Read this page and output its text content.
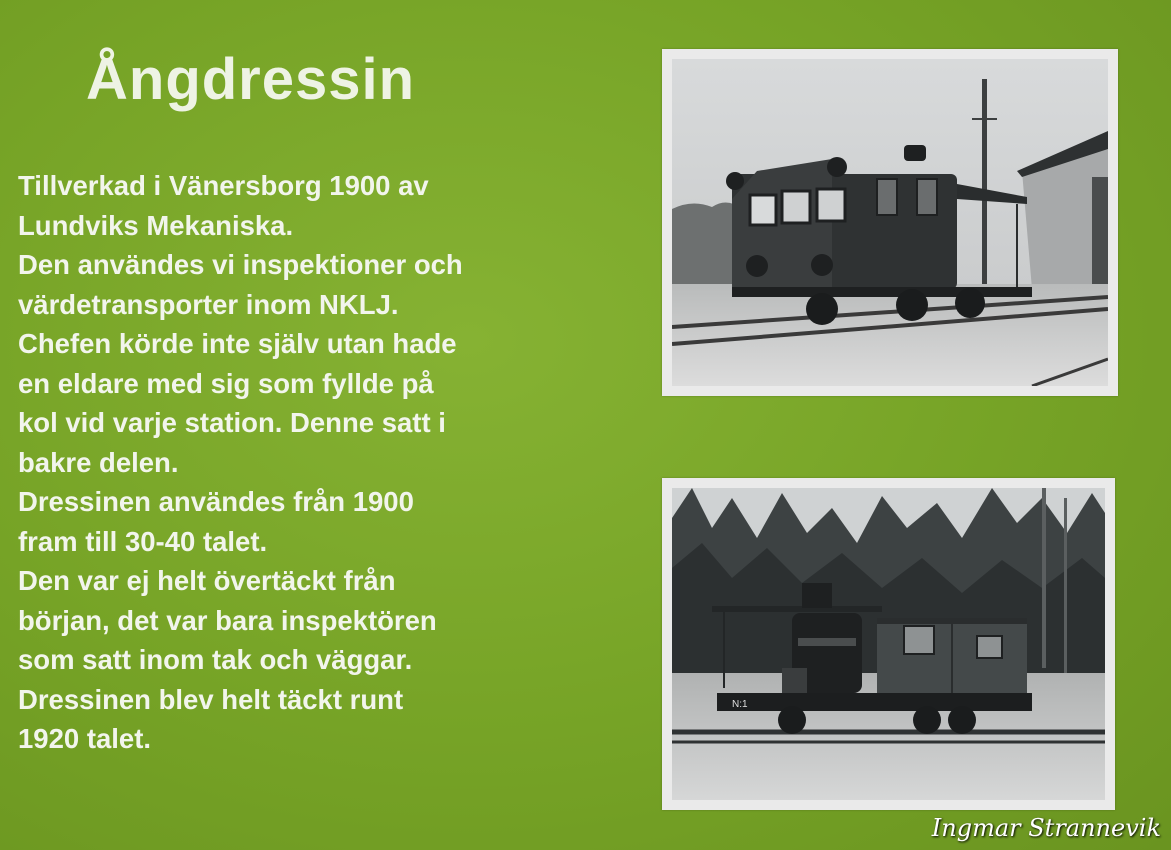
Ångdressin
Tillverkad i Vänersborg 1900 av
Lundviks Mekaniska.
Den användes vi inspektioner och
värdetransporter inom NKLJ.
Chefen körde inte själv utan hade
en eldare med sig som fyllde på
kol vid varje station. Denne satt i
bakre delen.
Dressinen användes från 1900
fram till 30-40 talet.
Den var ej helt övertäckt från
början, det var bara inspektören
som satt inom tak och väggar.
Dressinen blev helt täckt runt
1920 talet.
N:1
Ingmar Strannevik
